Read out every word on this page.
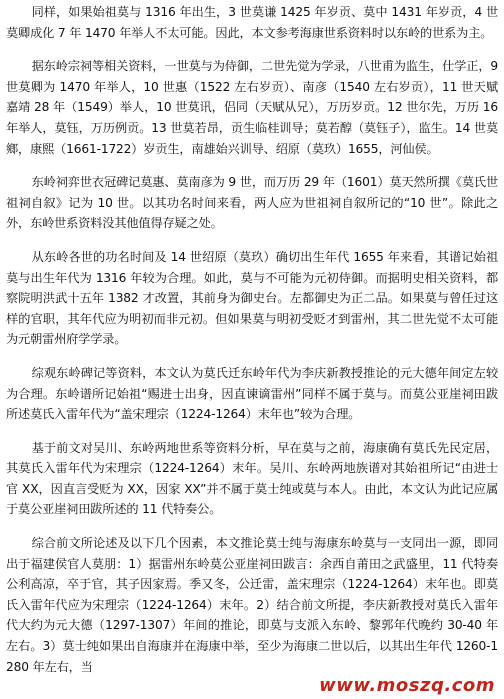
同样，如果始祖莫与 1316 年出生，3 世莫谦 1425 年岁贡、莫中 1431 年岁贡，4 世莫卿成化 7 年 1470 年举人不太可能。因此，本文参考海康世系资料时以东岭的世系为主。

据东岭宗祠等相关资料，一世莫与为侍御，二世先觉为学录，八世甫为监生，仕学正，9 世莫卿为 1470 年举人，10 世惠（1522 左右岁贡）、南彦（1540 左右岁贡），11 世天赋嘉靖 28 年（1549）举人，10 世莫讯，侣同（天赋从兄），万历岁贡。12 世尔先，万历 16 年举人，莫钰，万历例贡。13 世莫若昂，贡生临桂训导；莫若醇（莫钰子），监生。14 世莫鄉，康熙（1661-1722）岁贡生，南雄始兴训导、绍原（莫玖）1655，河仙侯。

东岭祠弈世衣冠碑记莫惠、莫南彦为 9 世，而万历 29 年（1601）莫天然所撰《莫氏世祖祠自叙》记为 10 世。以其功名时间来看，两人应为世祖祠自叙所记的“10 世”。除此之外，东岭世系资料没其他值得存疑之处。

从东岭各世的功名时间及 14 世绍原（莫玖）确切出生年代 1655 年来看，其谱记始祖莫与出生年代为 1316 年较为合理。如此，莫与不可能为元初侍御。而据明史相关资料，都察院明洪武十五年 1382 才改置，其前身为御史台。左都御史为正二品。如果莫与曾任过这样的官职，其年代应为明初而非元初。但如果莫与明初受贬才到雷州，其二世先觉不太可能为元朝雷州府学学录。

综观东岭碑记等资料，本文认为莫氏迁东岭年代为李庆新教授推论的元大德年间定左较为合理。东岭谱所记始祖“赐进士出身，因直谏谪雷州”同样不属于莫与。而莫公亚崖祠田跋所述莫氏入雷年代为“盖宋理宗（1224-1264）末年也”较为合理。

基于前文对吴川、东岭两地世系等资料分析，早在莫与之前，海康确有莫氏先民定居，其莫氏入雷年代为宋理宗（1224-1264）末年。吴川、东岭两地族谱对其始祖所记“由进士官 XX，因直言受贬为 XX，因家 XX”并不属于莫士纯或莫与本人。由此，本文认为此记应属于莫公亚崖祠田跋所述的 11 代特奏公。

综合前文所论述及以下几个因素，本文推论莫士纯与海康东岭莫与一支同出一源，即同出于福建侯官人莫朋：1）据雷州东岭莫公亚崖祠田跋言：余西自莆田之武盛里，11 代特奏公利高凉，卒于官，其子因家焉。季又冬，公迁雷，盖宋理宗（1224-1264）末年也。即莫氏入雷年代应为宋理宗（1224-1264）末年。2）结合前文所提，李庆新教授对莫氏入雷年代大约为元大德（1297-1307）年间的推论，即莫与支派入东岭、黎郭年代晚约 30-40 年左右。3）莫士纯如果出自海康并在海康中举，至少为海康二世以后，以其出生年代 1260-1280 年左右，当

www.moszq.com
